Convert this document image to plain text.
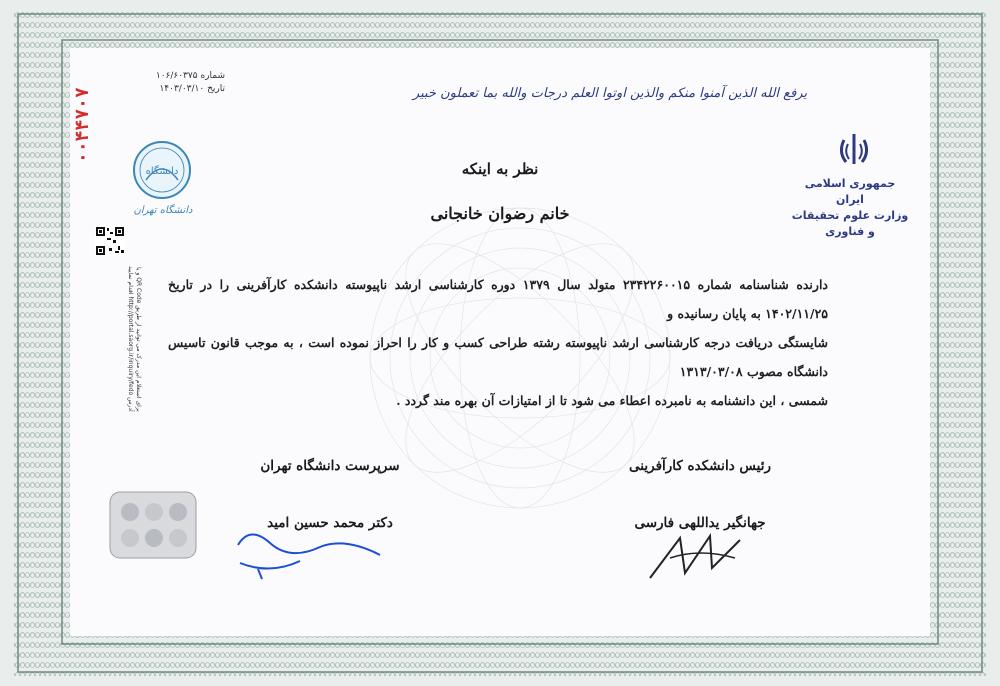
۰۰۴۴۷۰۷
شماره ۱۰۶/۶۰۳۷۵
تاریخ ۱۴۰۳/۰۳/۱۰	یرفع الله الذین آمنوا منکم والذین اوتوا العلم درجات والله بما تعملون خبیر
دانشگاه
دانشگاه تهران
جمهوری اسلامی ایران
وزارت علوم تحقیقات و فناوری
برای استعلام این مدرک می توانید از طریق QR Code و یا آدرس http://portal.saorg.ir/inquiry/fedo اقدام نمایید
نظر به اینکه
خانم رضوان خانجانی
دارنده شناسنامه شماره ۲۳۴۲۲۶۰۰۱۵ متولد سال ۱۳۷۹ دوره کارشناسی ارشد ناپیوسته دانشکده کارآفرینی را در تاریخ ۱۴۰۲/۱۱/۲۵ به پایان رسانیده و
شایستگی دریافت درجه کارشناسی ارشد ناپیوسته رشته طراحی کسب و کار را احراز نموده است ، به موجب قانون تاسیس دانشگاه مصوب ۱۳۱۳/۰۳/۰۸
شمسی ، این دانشنامه به نامبرده اعطاء می شود تا از امتیازات آن بهره مند گردد .
سرپرست دانشگاه تهران
دکتر محمد حسین امید
رئیس دانشکده کارآفرینی
جهانگیر یداللهی فارسی
